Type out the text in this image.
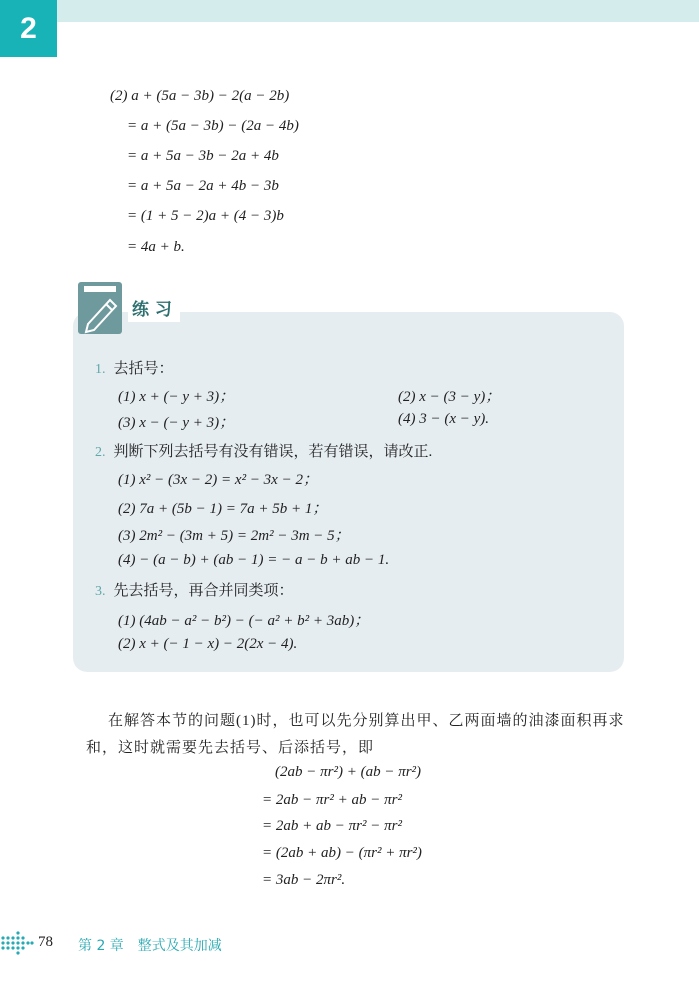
2
(2) a + (5a − 3b) − 2(a − 2b)
= a + (5a − 3b) − (2a − 4b)
= a + 5a − 3b − 2a + 4b
= a + 5a − 2a + 4b − 3b
= (1 + 5 − 2)a + (4 − 3)b
= 4a + b.
练 习
1. 去括号：
(1) x + (− y + 3)；	(2) x − (3 − y)；
(3) x − (− y + 3)；	(4) 3 − (x − y).
2. 判断下列去括号有没有错误，若有错误，请改正.
(1) x² − (3x − 2) = x² − 3x − 2；
(2) 7a + (5b − 1) = 7a + 5b + 1；
(3) 2m² − (3m + 5) = 2m² − 3m − 5；
(4) − (a − b) + (ab − 1) = − a − b + ab − 1.
3. 先去括号，再合并同类项：
(1) (4ab − a² − b²) − (− a² + b² + 3ab)；
(2) x + (− 1 − x) − 2(2x − 4).
在解答本节的问题(1)时，也可以先分别算出甲、乙两面墙的油漆面积再求
和，这时就需要先去括号、后添括号，即
(2ab − πr²) + (ab − πr²)
= 2ab − πr² + ab − πr²
= 2ab + ab − πr² − πr²
= (2ab + ab) − (πr² + πr²)
= 3ab − 2πr².
78 第 2 章　整式及其加减
